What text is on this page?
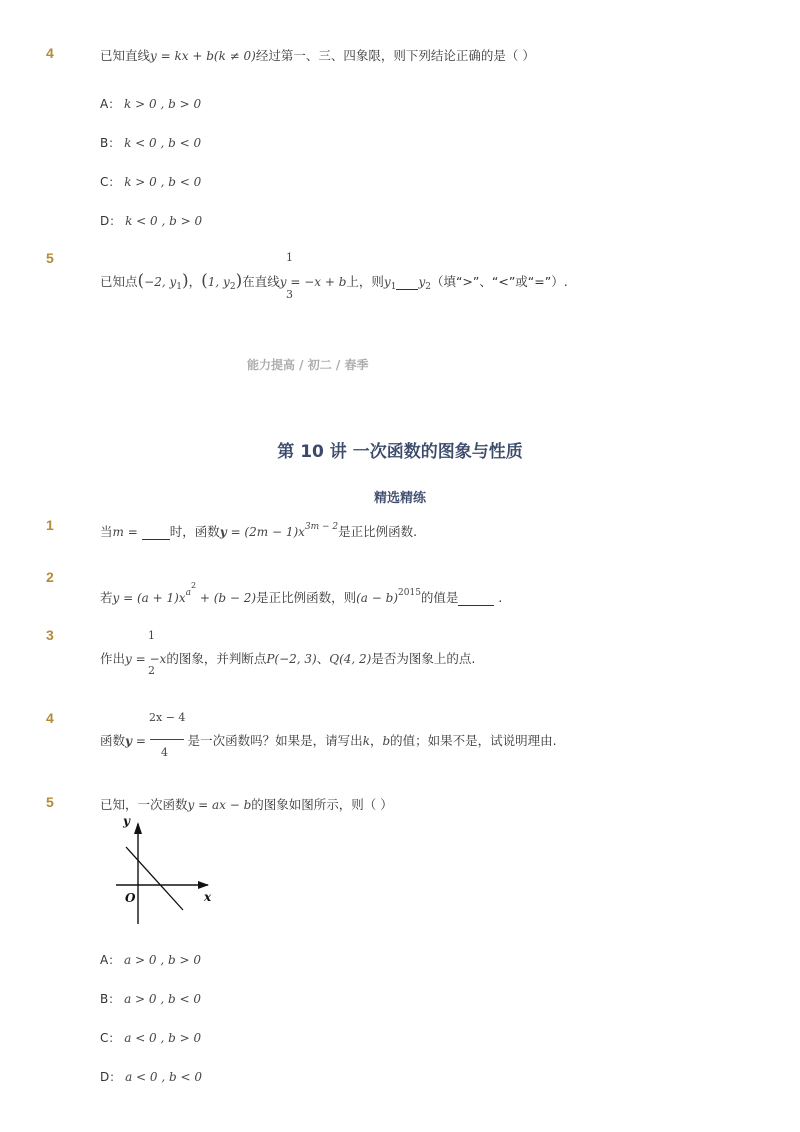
4	已知直线y = kx + b(k ≠ 0)经过第一、三、四象限，则下列结论正确的是（ ）
A： k > 0 , b > 0
B： k < 0 , b < 0
C： k > 0 , b < 0
D： k < 0 , b > 0
5	1
已知点(−2, $y_1$)，(1, $y_2$)在直线y = −x + b上，则$y_1$ $y_2$（填“>”、“<”或“=”）.
3
能力提高 / 初二 / 春季
第 10 讲 一次函数的图象与性质
精选精练
1	当m =	时，函数$y = (2m - 1)x^{3m - 2}$是正比例函数.
2
若$y = (a + 1)x^{a2} + (b - 2)$是正比例函数，则$(a - b)^{2015}$的值是	.
3	1
作出y = −x的图象，并判断点P(−2, 3)、Q(4, 2)是否为图象上的点.
2
4	2x − 4
函数y =	是一次函数吗？如果是，请写出k，b的值；如果不是，试说明理由.
4
5	已知，一次函数y = ax − b的图象如图所示，则（ ）
y
x
O
A： a > 0 , b > 0
B： a > 0 , b < 0
C： a < 0 , b > 0
D： a < 0 , b < 0
